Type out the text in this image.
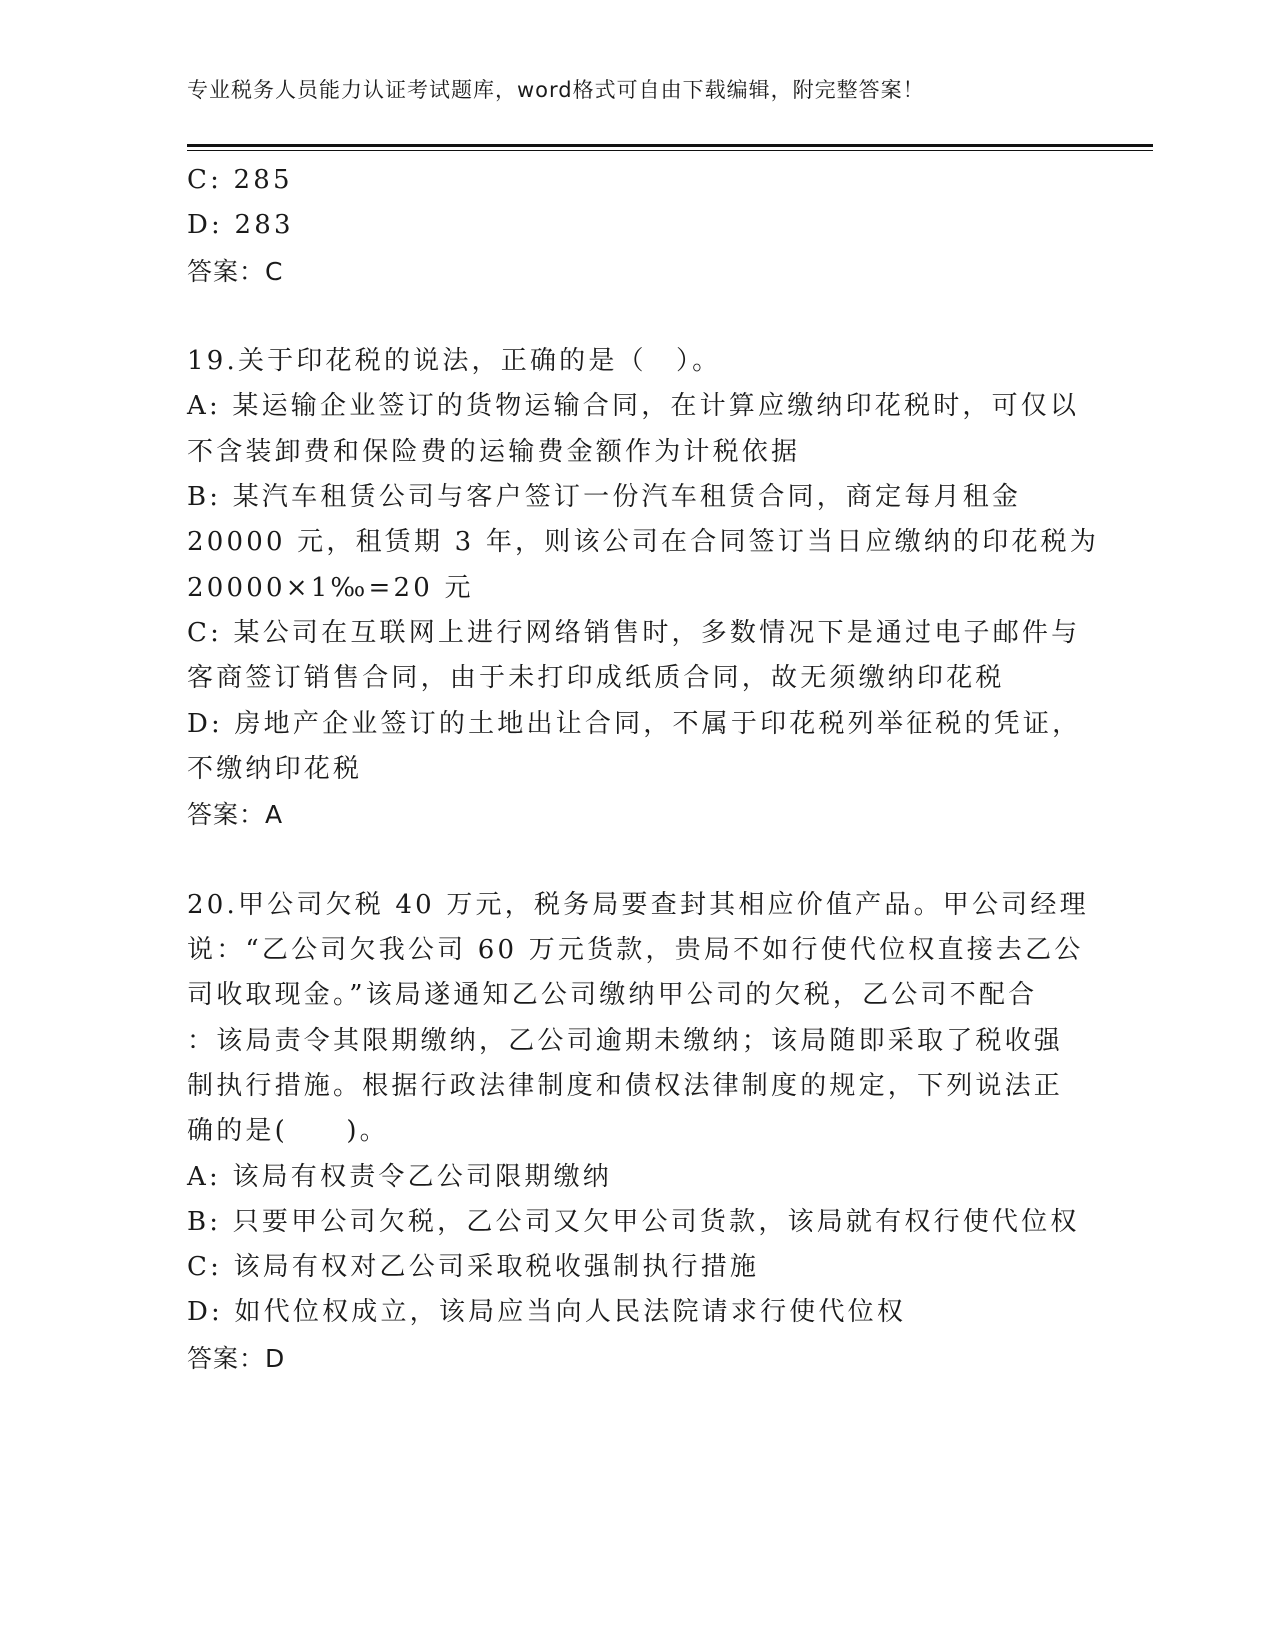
专业税务人员能力认证考试题库，word格式可自由下载编辑，附完整答案！
C: 285
D: 283
答案：C
19.关于印花税的说法，正确的是（　）。
A: 某运输企业签订的货物运输合同，在计算应缴纳印花税时，可仅以
不含装卸费和保险费的运输费金额作为计税依据
B: 某汽车租赁公司与客户签订一份汽车租赁合同，商定每月租金
20000 元，租赁期 3 年，则该公司在合同签订当日应缴纳的印花税为
20000×1‰=20 元
C: 某公司在互联网上进行网络销售时，多数情况下是通过电子邮件与
客商签订销售合同，由于未打印成纸质合同，故无须缴纳印花税
D: 房地产企业签订的土地出让合同，不属于印花税列举征税的凭证，
不缴纳印花税
答案：A
20.甲公司欠税 40 万元，税务局要查封其相应价值产品。甲公司经理
说：“乙公司欠我公司 60 万元货款，贵局不如行使代位权直接去乙公
司收取现金。”该局遂通知乙公司缴纳甲公司的欠税，乙公司不配合
：该局责令其限期缴纳，乙公司逾期未缴纳；该局随即采取了税收强
制执行措施。根据行政法律制度和债权法律制度的规定，下列说法正
确的是(　　)。
A: 该局有权责令乙公司限期缴纳
B: 只要甲公司欠税，乙公司又欠甲公司货款，该局就有权行使代位权
C: 该局有权对乙公司采取税收强制执行措施
D: 如代位权成立，该局应当向人民法院请求行使代位权
答案：D
